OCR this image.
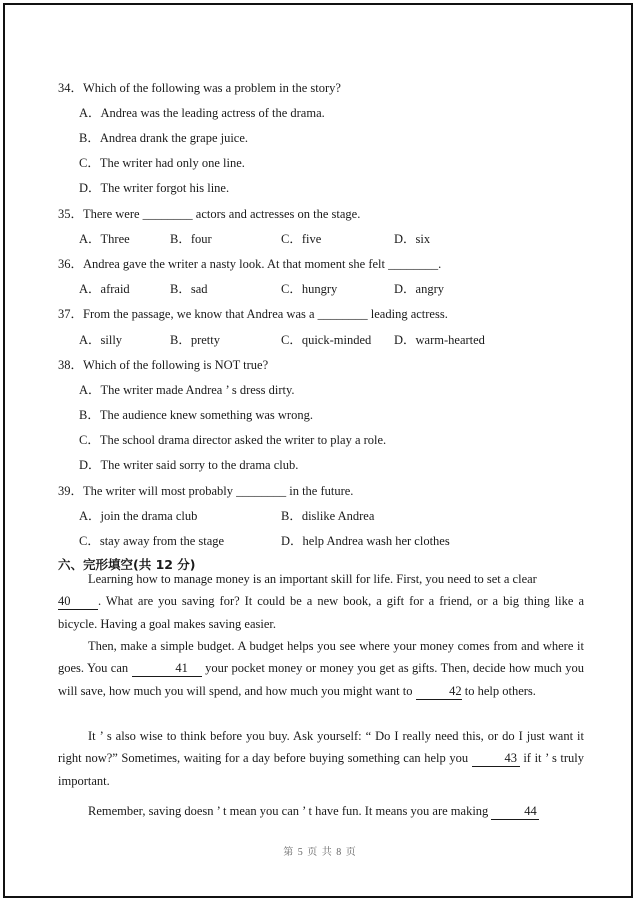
34．Which of the following was a problem in the story?
A．Andrea was the leading actress of the drama.
B．Andrea drank the grape juice.
C．The writer had only one line.
D．The writer forgot his line.
35．There were ________ actors and actresses on the stage.
A．Three	B．four	C．five	D．six
36．Andrea gave the writer a nasty look. At that moment she felt ________.
A．afraid	B．sad	C．hungry	D．angry
37．From the passage, we know that Andrea was a ________ leading actress.
A．silly	B．pretty	C．quick-minded D．warm-hearted
38．Which of the following is NOT true?
A．The writer made Andrea ’ s dress dirty.
B．The audience knew something was wrong.
C．The school drama director asked the writer to play a role.
D．The writer said sorry to the drama club.
39．The writer will most probably ________ in the future.
A．join the drama club	B．dislike Andrea
C．stay away from the stage	D．help Andrea wash her clothes
六、完形填空(共 12 分)
Learning how to manage money is an important skill for life. First, you need to set a clear
40 . What are you saving for? It could be a new book, a gift for a friend, or a big thing like a bicycle. Having a goal makes saving easier.
Then, make a simple budget. A budget helps you see where your money comes from and where it goes. You can	41 your pocket money or money you get as gifts. Then, decide how much you will save, how much you will spend, and how much you might want to	42 to help others.
It ’ s also wise to think before you buy. Ask yourself: “ Do I really need this, or do I just want it right now?” Sometimes, waiting for a day before buying something can help you	43 if it ’ s truly important.
Remember, saving doesn ’ t mean you can ’ t have fun. It means you are making	44
第 5 页 共 8 页
